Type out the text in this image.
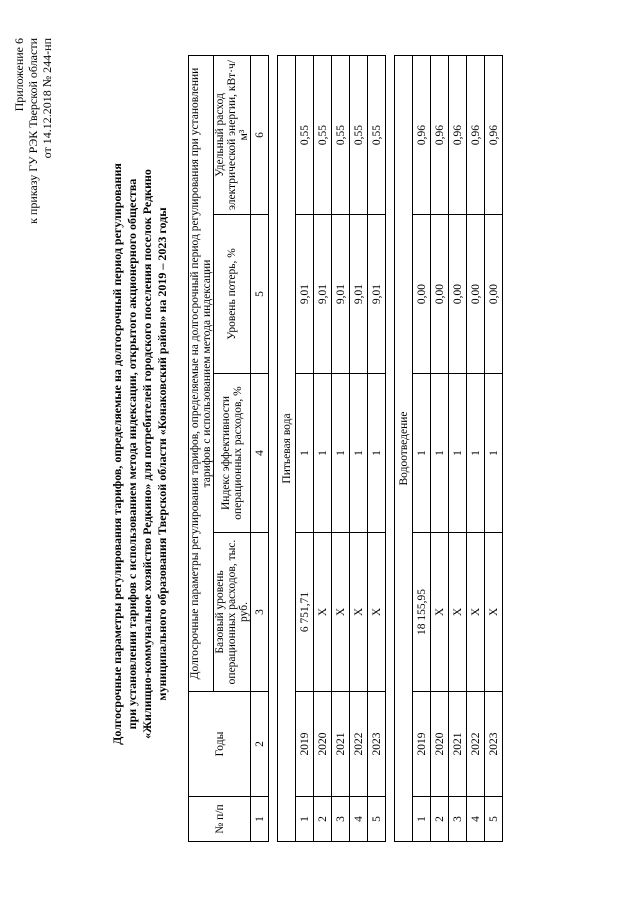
Приложение 6 к приказу ГУ РЭК Тверской области от 14.12.2018 № 244-нп
Долгосрочные параметры регулирования тарифов, определяемые на долгосрочный период регулирования при установлении тарифов с использованием метода индексации, открытого акционерного общества «Жилищно-коммунальное хозяйство Редкино» для потребителей городского поселения поселок Редкино муниципального образования Тверской области «Конаковский район» на 2019 – 2023 годы
№ п/п	Годы	Долгосрочные параметры регулирования тарифов, определяемые на долгосрочный период регулирования при установлении тарифов с использованием метода индексации			
		Базовый уровень операционных расходов, тыс. руб.	Индекс эффективности операционных расходов, %	Уровень потерь, %	Удельный расход электрической энергии, кВт·ч/м³
1	2	3	4	5	6

Питьевая вода					
1	2019	6 751,71	1	9,01	0,55
2	2020	X	1	9,01	0,55
3	2021	X	1	9,01	0,55
4	2022	X	1	9,01	0,55
5	2023	X	1	9,01	0,55

Водоотведение					
1	2019	18 155,95	1	0,00	0,96
2	2020	X	1	0,00	0,96
3	2021	X	1	0,00	0,96
4	2022	X	1	0,00	0,96
5	2023	X	1	0,00	0,96
